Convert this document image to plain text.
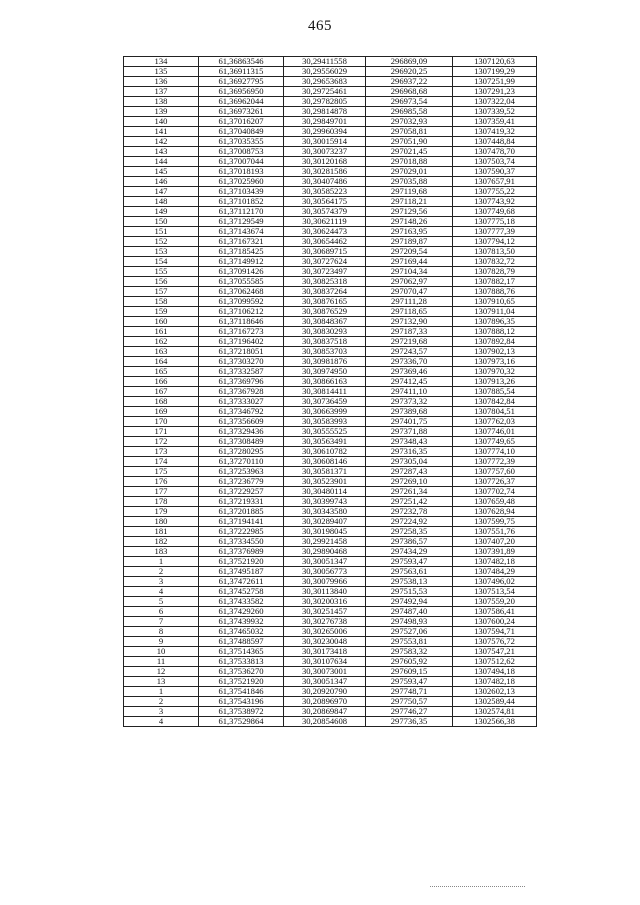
465
134	61,36863546	30,29411558	296869,09	1307120,63
135	61,36911315	30,29556029	296920,25	1307199,29
136	61,36927795	30,29653683	296937,22	1307251,99
137	61,36956950	30,29725461	296968,68	1307291,23
138	61,36962044	30,29782805	296973,54	1307322,04
139	61,36973261	30,29814878	296985,58	1307339,52
140	61,37016207	30,29849701	297032,93	1307359,41
141	61,37040849	30,29960394	297058,81	1307419,32
142	61,37035355	30,30015914	297051,90	1307448,84
143	61,37008753	30,30073237	297021,45	1307478,70
144	61,37007044	30,30120168	297018,88	1307503,74
145	61,37018193	30,30281586	297029,01	1307590,37
146	61,37025960	30,30407486	297035,88	1307657,91
147	61,37103439	30,30585223	297119,68	1307755,22
148	61,37101852	30,30564175	297118,21	1307743,92
149	61,37112170	30,30574379	297129,56	1307749,68
150	61,37129549	30,30621119	297148,26	1307775,18
151	61,37143674	30,30624473	297163,95	1307777,39
152	61,37167321	30,30654462	297189,87	1307794,12
153	61,37185425	30,30689715	297209,54	1307813,50
154	61,37149912	30,30727624	297169,44	1307832,72
155	61,37091426	30,30723497	297104,34	1307828,79
156	61,37055585	30,30825318	297062,97	1307882,17
157	61,37062468	30,30837264	297070,47	1307888,76
158	61,37099592	30,30876165	297111,28	1307910,65
159	61,37106212	30,30876529	297118,65	1307911,04
160	61,37118646	30,30848367	297132,90	1307896,35
161	61,37167273	30,30830293	297187,33	1307888,12
162	61,37196402	30,30837518	297219,68	1307892,84
163	61,37218051	30,30853703	297243,57	1307902,13
164	61,37303270	30,30981876	297336,70	1307973,16
165	61,37332587	30,30974950	297369,46	1307970,32
166	61,37369796	30,30866163	297412,45	1307913,26
167	61,37367928	30,30814411	297411,10	1307885,54
168	61,37333027	30,30736459	297373,32	1307842,84
169	61,37346792	30,30663999	297389,68	1307804,51
170	61,37356609	30,30583993	297401,75	1307762,03
171	61,37329436	30,30555525	297371,88	1307746,01
172	61,37308489	30,30563491	297348,43	1307749,65
173	61,37280295	30,30610782	297316,35	1307774,10
174	61,37270110	30,30608146	297305,04	1307772,39
175	61,37253963	30,30581371	297287,43	1307757,60
176	61,37236779	30,30523901	297269,10	1307726,37
177	61,37229257	30,30480114	297261,34	1307702,74
178	61,37219331	30,30399743	297251,42	1307659,48
179	61,37201885	30,30343580	297232,78	1307628,94
180	61,37194141	30,30289407	297224,92	1307599,75
181	61,37222985	30,30198045	297258,35	1307551,76
182	61,37334550	30,29921458	297386,57	1307407,20
183	61,37376989	30,29890468	297434,29	1307391,89
1	61,37521920	30,30051347	297593,47	1307482,18
2	61,37495187	30,30056773	297563,61	1307484,29
3	61,37472611	30,30079966	297538,13	1307496,02
4	61,37452758	30,30113840	297515,53	1307513,54
5	61,37433582	30,30200316	297492,94	1307559,20
6	61,37429260	30,30251457	297487,40	1307586,41
7	61,37439932	30,30276738	297498,93	1307600,24
8	61,37465032	30,30265006	297527,06	1307594,71
9	61,37488597	30,30230048	297553,81	1307576,72
10	61,37514365	30,30173418	297583,32	1307547,21
11	61,37533813	30,30107634	297605,92	1307512,62
12	61,37536270	30,30073001	297609,15	1307494,18
13	61,37521920	30,30051347	297593,47	1307482,18
1	61,37541846	30,20920790	297748,71	1302602,13
2	61,37543196	30,20896970	297750,57	1302589,44
3	61,37538972	30,20869847	297746,27	1302574,81
4	61,37529864	30,20854608	297736,35	1302566,38
